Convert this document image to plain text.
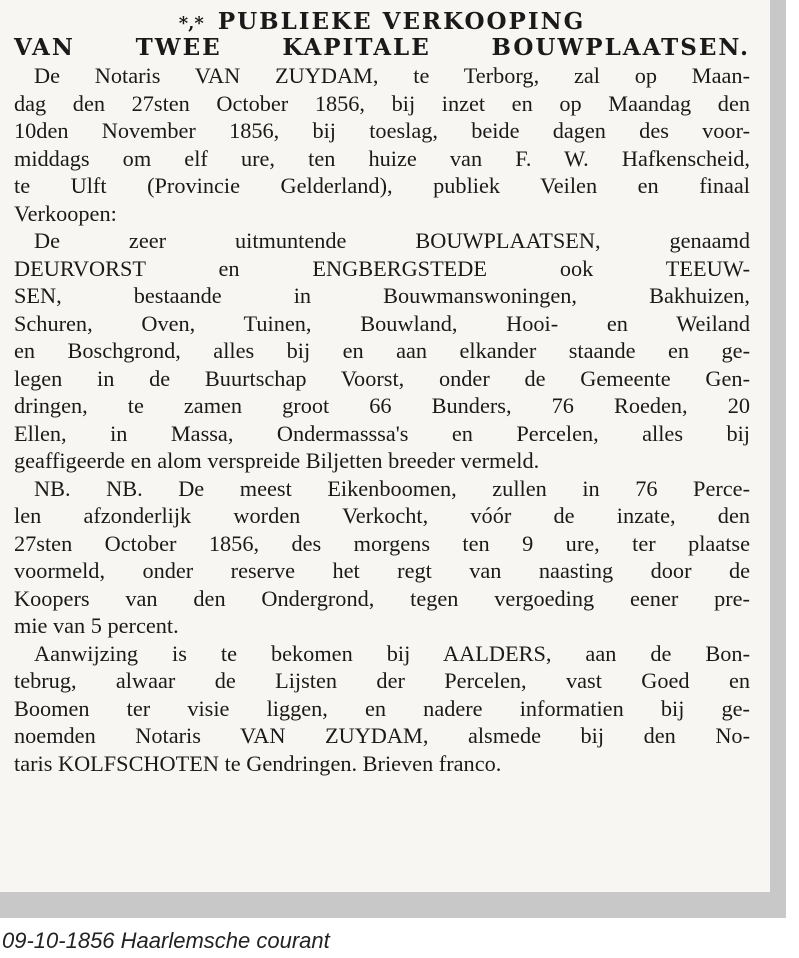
*,* PUBLIEKE VERKOOPING
VAN TWEE KAPITALE BOUWPLAATSEN.
De Notaris VAN ZUYDAM, te Terborg, zal op Maan-
dag den 27sten October 1856, bij inzet en op Maandag den
10den November 1856, bij toeslag, beide dagen des voor-
middags om elf ure, ten huize van F. W. Hafkenscheid,
te Ulft (Provincie Gelderland), publiek Veilen en finaal
Verkoopen:
De zeer uitmuntende BOUWPLAATSEN, genaamd
DEURVORST en ENGBERGSTEDE ook TEEUW-
SEN, bestaande in Bouwmanswoningen, Bakhuizen,
Schuren, Oven, Tuinen, Bouwland, Hooi- en Weiland
en Boschgrond, alles bij en aan elkander staande en ge-
legen in de Buurtschap Voorst, onder de Gemeente Gen-
dringen, te zamen groot 66 Bunders, 76 Roeden, 20
Ellen, in Massa, Ondermasssa's en Percelen, alles bij
geaffigeerde en alom verspreide Biljetten breeder vermeld.
NB. NB. De meest Eikenboomen, zullen in 76 Perce-
len afzonderlijk worden Verkocht, vóór de inzate, den
27sten October 1856, des morgens ten 9 ure, ter plaatse
voormeld, onder reserve het regt van naasting door de
Koopers van den Ondergrond, tegen vergoeding eener pre-
mie van 5 percent.
Aanwijzing is te bekomen bij AALDERS, aan de Bon-
tebrug, alwaar de Lijsten der Percelen, vast Goed en
Boomen ter visie liggen, en nadere informatien bij ge-
noemden Notaris VAN ZUYDAM, alsmede bij den No-
taris KOLFSCHOTEN te Gendringen. Brieven franco.
09-10-1856 Haarlemsche courant
